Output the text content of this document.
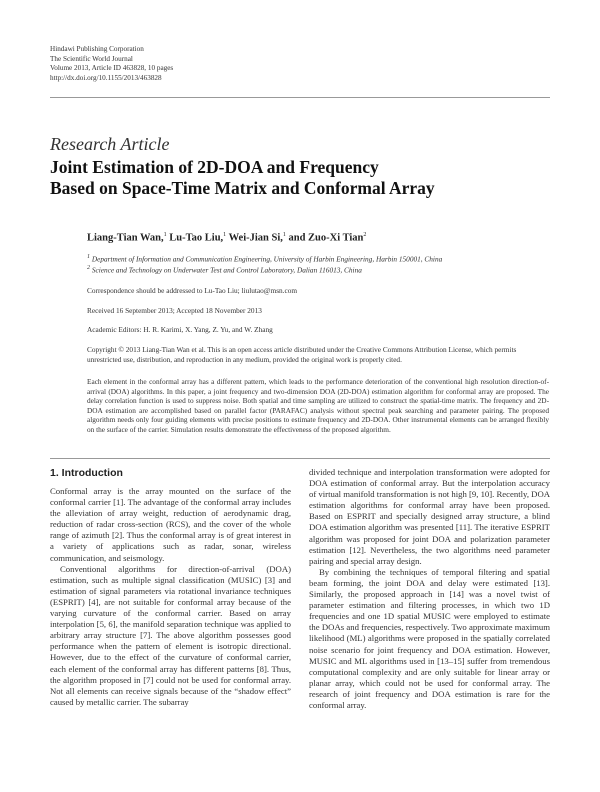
Hindawi Publishing Corporation
The Scientific World Journal
Volume 2013, Article ID 463828, 10 pages
http://dx.doi.org/10.1155/2013/463828
Research Article
Joint Estimation of 2D-DOA and Frequency
Based on Space-Time Matrix and Conformal Array
Liang-Tian Wan,$^1$ Lu-Tao Liu,$^1$ Wei-Jian Si,$^1$ and Zuo-Xi Tian$^2$
$^1$ Department of Information and Communication Engineering, University of Harbin Engineering, Harbin 150001, China
$^2$ Science and Technology on Underwater Test and Control Laboratory, Dalian 116013, China
Correspondence should be addressed to Lu-Tao Liu; liulutao@msn.com
Received 16 September 2013; Accepted 18 November 2013
Academic Editors: H. R. Karimi, X. Yang, Z. Yu, and W. Zhang
Copyright © 2013 Liang-Tian Wan et al. This is an open access article distributed under the Creative Commons Attribution License, which permits unrestricted use, distribution, and reproduction in any medium, provided the original work is properly cited.
Each element in the conformal array has a different pattern, which leads to the performance deterioration of the conventional high resolution direction-of-arrival (DOA) algorithms. In this paper, a joint frequency and two-dimension DOA (2D-DOA) estimation algorithm for conformal array are proposed. The delay correlation function is used to suppress noise. Both spatial and time sampling are utilized to construct the spatial-time matrix. The frequency and 2D-DOA estimation are accomplished based on parallel factor (PARAFAC) analysis without spectral peak searching and parameter pairing. The proposed algorithm needs only four guiding elements with precise positions to estimate frequency and 2D-DOA. Other instrumental elements can be arranged flexibly on the surface of the carrier. Simulation results demonstrate the effectiveness of the proposed algorithm.
1. Introduction

Conformal array is the array mounted on the surface of the conformal carrier [1]. The advantage of the conformal array includes the alleviation of array weight, reduction of aerodynamic drag, reduction of radar cross-section (RCS), and the cover of the whole range of azimuth [2]. Thus the conformal array is of great interest in a variety of applications such as radar, sonar, wireless communication, and seismology.

Conventional algorithms for direction-of-arrival (DOA) estimation, such as multiple signal classification (MUSIC) [3] and estimation of signal parameters via rotational invariance techniques (ESPRIT) [4], are not suitable for conformal array because of the varying curvature of the conformal carrier. Based on array interpolation [5, 6], the manifold separation technique was applied to arbitrary array structure [7]. The above algorithm possesses good performance when the pattern of element is isotropic directional. However, due to the effect of the curvature of conformal carrier, each element of the conformal array has different patterns [8]. Thus, the algorithm proposed in [7] could not be used for conformal array. Not all elements can receive signals because of the “shadow effect” caused by metallic carrier. The subarray

divided technique and interpolation transformation were adopted for DOA estimation of conformal array. But the interpolation accuracy of virtual manifold transformation is not high [9, 10]. Recently, DOA estimation algorithms for conformal array have been proposed. Based on ESPRIT and specially designed array structure, a blind DOA estimation algorithm was presented [11]. The iterative ESPRIT algorithm was proposed for joint DOA and polarization parameter estimation [12]. Nevertheless, the two algorithms need parameter pairing and special array design.

By combining the techniques of temporal filtering and spatial beam forming, the joint DOA and delay were estimated [13]. Similarly, the proposed approach in [14] was a novel twist of parameter estimation and filtering processes, in which two 1D frequencies and one 1D spatial MUSIC were employed to estimate the DOAs and frequencies, respectively. Two approximate maximum likelihood (ML) algorithms were proposed in the spatially correlated noise scenario for joint frequency and DOA estimation. However, MUSIC and ML algorithms used in [13–15] suffer from tremendous computational complexity and are only suitable for linear array or planar array, which could not be used for conformal array. The research of joint frequency and DOA estimation is rare for the conformal array.
